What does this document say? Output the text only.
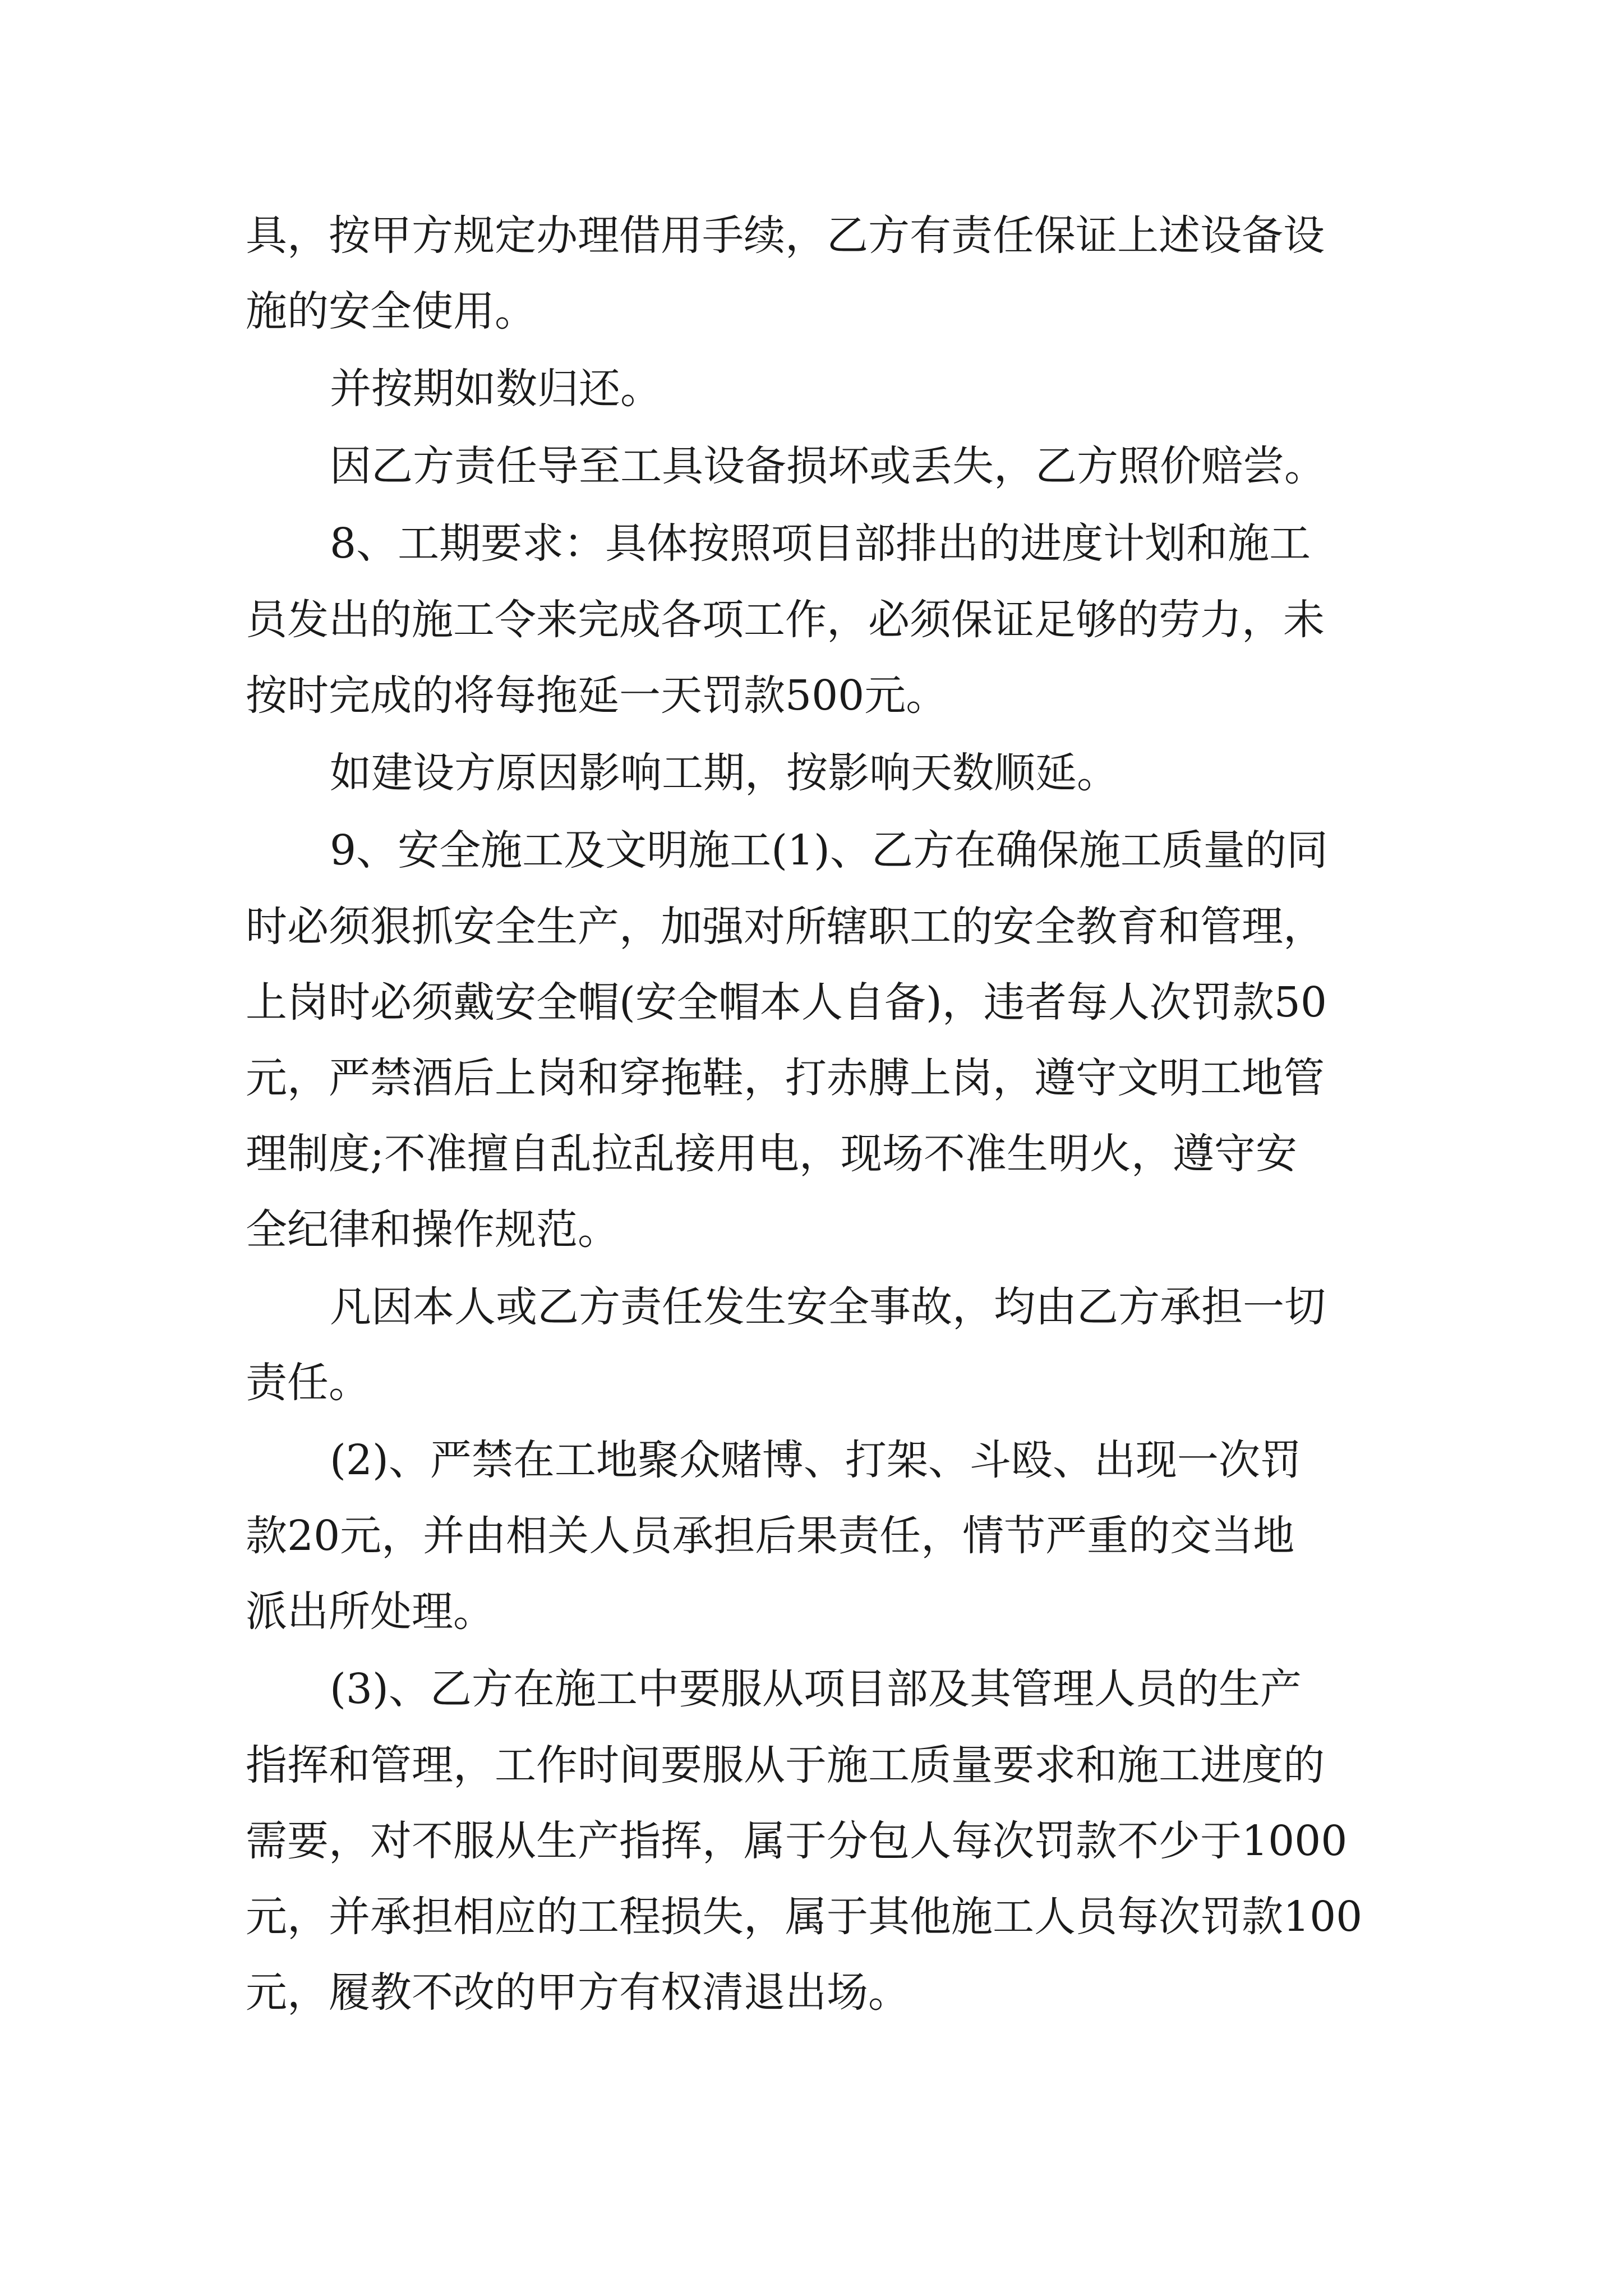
具，按甲方规定办理借用手续，乙方有责任保证上述设备设
施的安全使用。
并按期如数归还。
因乙方责任导至工具设备损坏或丢失，乙方照价赔尝。
8、工期要求：具体按照项目部排出的进度计划和施工
员发出的施工令来完成各项工作，必须保证足够的劳力，未
按时完成的将每拖延一天罚款500元。
如建设方原因影响工期，按影响天数顺延。
9、安全施工及文明施工(1)、乙方在确保施工质量的同
时必须狠抓安全生产，加强对所辖职工的安全教育和管理，
上岗时必须戴安全帽(安全帽本人自备)，违者每人次罚款50
元，严禁酒后上岗和穿拖鞋，打赤膊上岗，遵守文明工地管
理制度;不准擅自乱拉乱接用电，现场不准生明火，遵守安
全纪律和操作规范。
凡因本人或乙方责任发生安全事故，均由乙方承担一切
责任。
(2)、严禁在工地聚众赌博、打架、斗殴、出现一次罚
款20元，并由相关人员承担后果责任，情节严重的交当地
派出所处理。
(3)、乙方在施工中要服从项目部及其管理人员的生产
指挥和管理，工作时间要服从于施工质量要求和施工进度的
需要，对不服从生产指挥，属于分包人每次罚款不少于1000
元，并承担相应的工程损失，属于其他施工人员每次罚款100
元，履教不改的甲方有权清退出场。
